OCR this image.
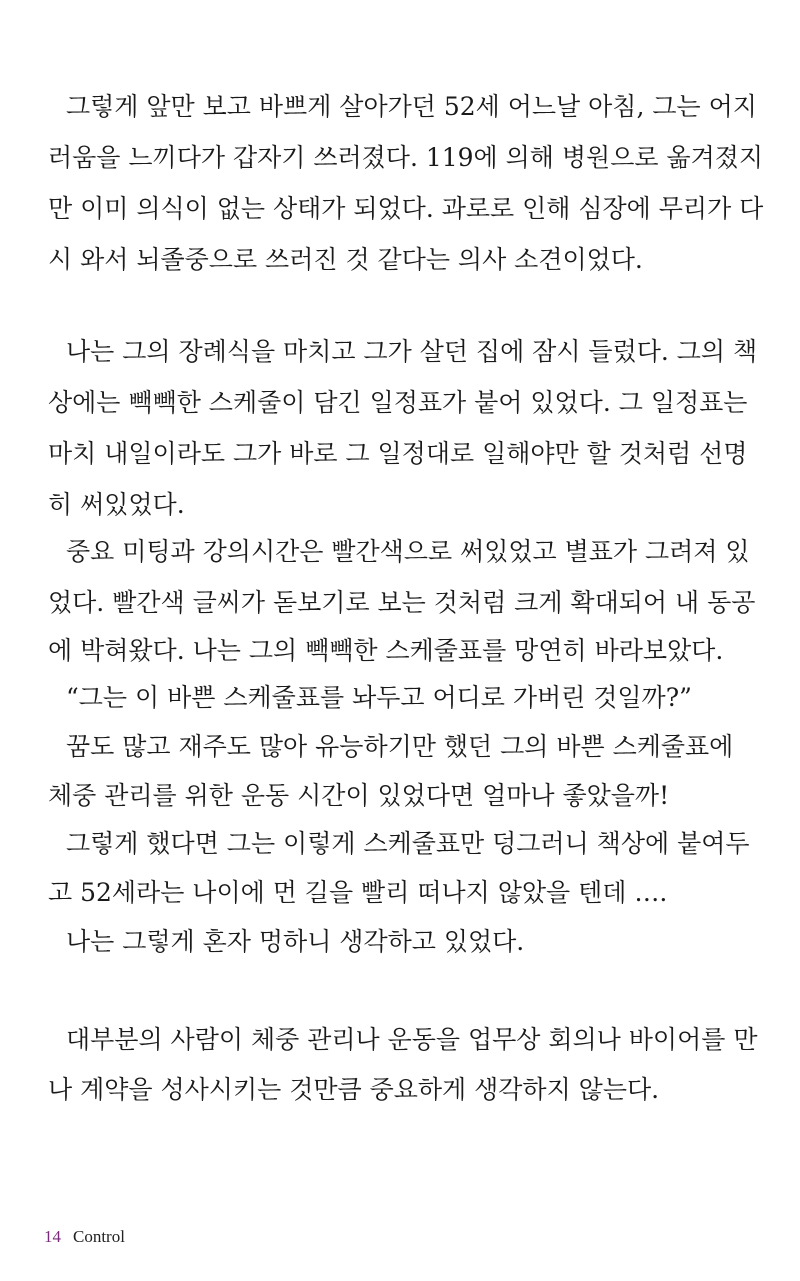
그렇게 앞만 보고 바쁘게 살아가던 52세 어느날 아침, 그는 어지
러움을 느끼다가 갑자기 쓰러졌다. 119에 의해 병원으로 옮겨졌지
만 이미 의식이 없는 상태가 되었다. 과로로 인해 심장에 무리가 다
시 와서 뇌졸중으로 쓰러진 것 같다는 의사 소견이었다.
나는 그의 장례식을 마치고 그가 살던 집에 잠시 들렀다. 그의 책
상에는 빽빽한 스케줄이 담긴 일정표가 붙어 있었다. 그 일정표는
마치 내일이라도 그가 바로 그 일정대로 일해야만 할 것처럼 선명
히 써있었다.
중요 미팅과 강의시간은 빨간색으로 써있었고 별표가 그려져 있
었다. 빨간색 글씨가 돋보기로 보는 것처럼 크게 확대되어 내 동공
에 박혀왔다. 나는 그의 빽빽한 스케줄표를 망연히 바라보았다.
“그는 이 바쁜 스케줄표를 놔두고 어디로 가버린 것일까?”
꿈도 많고 재주도 많아 유능하기만 했던 그의 바쁜 스케줄표에
체중 관리를 위한 운동 시간이 있었다면 얼마나 좋았을까!
그렇게 했다면 그는 이렇게 스케줄표만 덩그러니 책상에 붙여두
고 52세라는 나이에 먼 길을 빨리 떠나지 않았을 텐데 ….
나는 그렇게 혼자 멍하니 생각하고 있었다.
대부분의 사람이 체중 관리나 운동을 업무상 회의나 바이어를 만
나 계약을 성사시키는 것만큼 중요하게 생각하지 않는다.
14 Control
